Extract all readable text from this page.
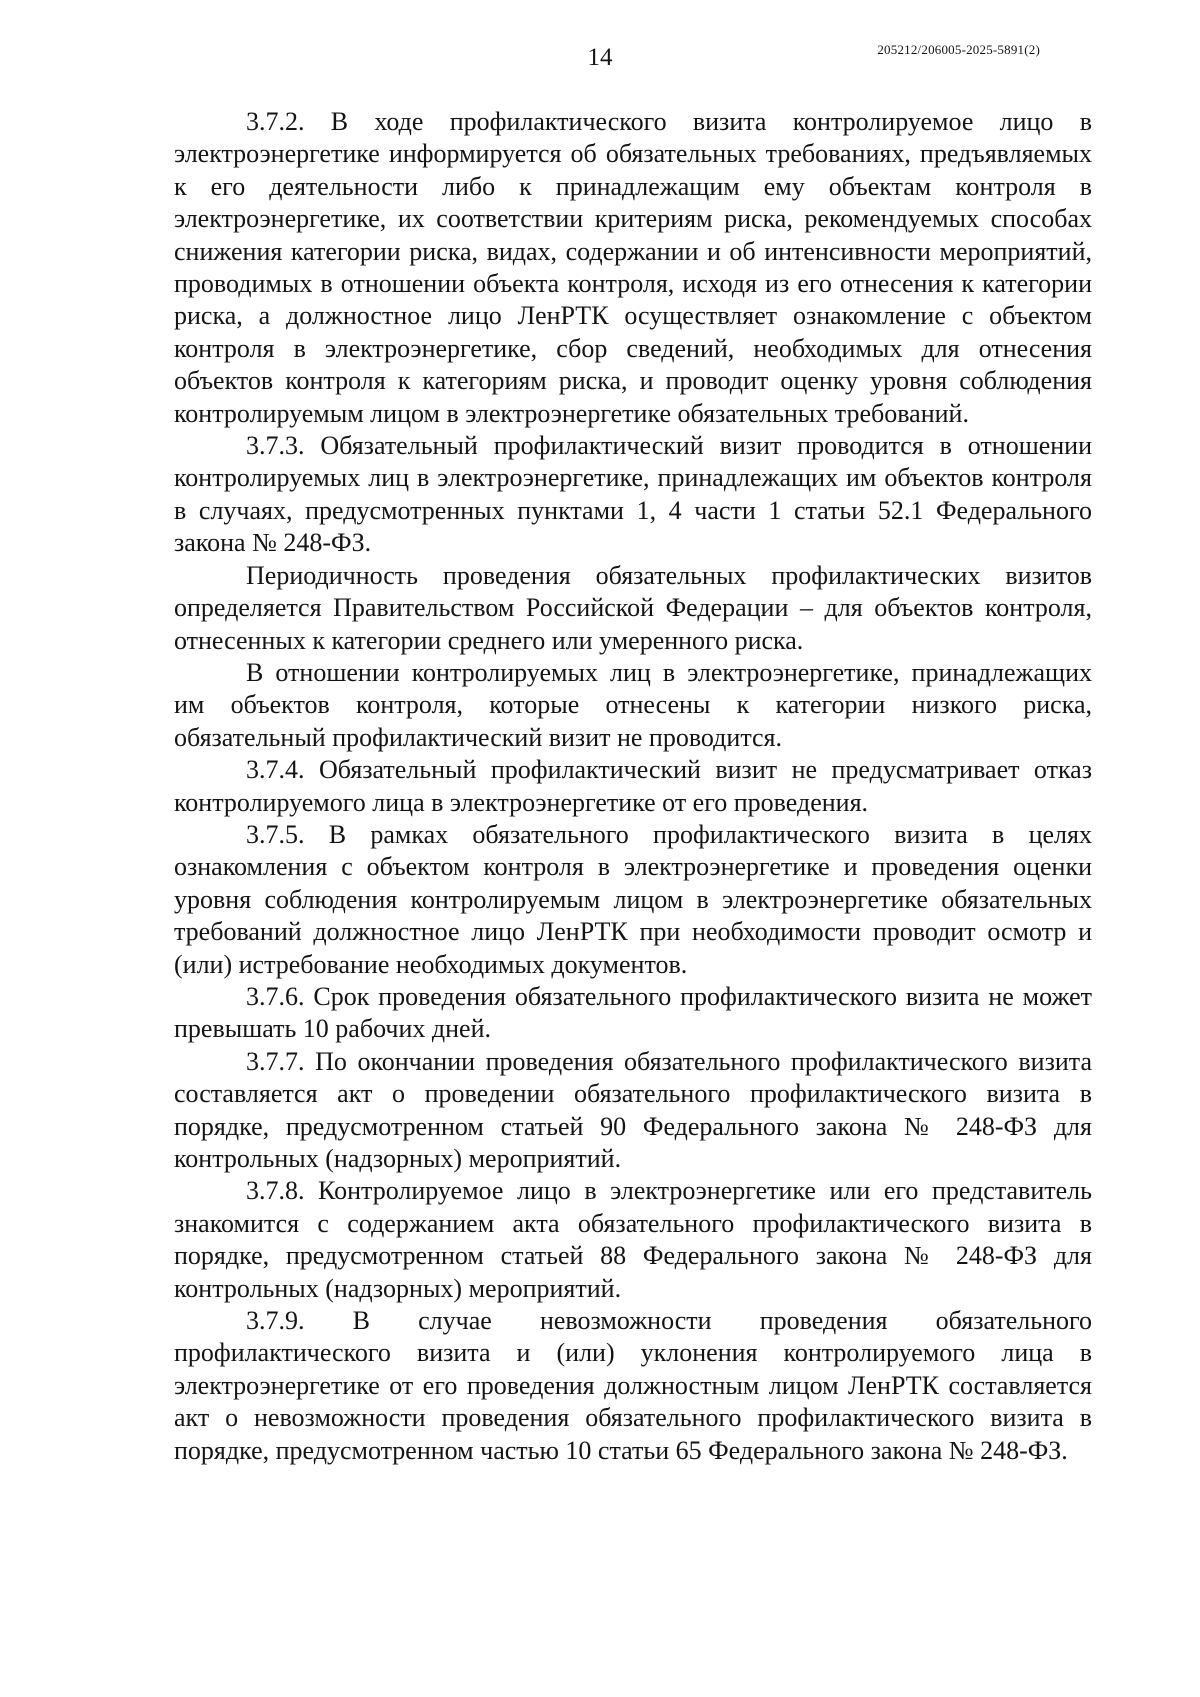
14	205212/206005-2025-5891(2)

3.7.2. В ходе профилактического визита контролируемое лицо в электроэнергетике информируется об обязательных требованиях, предъявляемых к его деятельности либо к принадлежащим ему объектам контроля в электроэнергетике, их соответствии критериям риска, рекомендуемых способах снижения категории риска, видах, содержании и об интенсивности мероприятий, проводимых в отношении объекта контроля, исходя из его отнесения к категории риска, а должностное лицо ЛенРТК осуществляет ознакомление с объектом контроля в электроэнергетике, сбор сведений, необходимых для отнесения объектов контроля к категориям риска, и проводит оценку уровня соблюдения контролируемым лицом в электроэнергетике обязательных требований.

3.7.3. Обязательный профилактический визит проводится в отношении контролируемых лиц в электроэнергетике, принадлежащих им объектов контроля в случаях, предусмотренных пунктами 1, 4 части 1 статьи 52.1 Федерального закона № 248-ФЗ.

Периодичность проведения обязательных профилактических визитов определяется Правительством Российской Федерации – для объектов контроля, отнесенных к категории среднего или умеренного риска.

В отношении контролируемых лиц в электроэнергетике, принадлежащих им объектов контроля, которые отнесены к категории низкого риска, обязательный профилактический визит не проводится.

3.7.4. Обязательный профилактический визит не предусматривает отказ контролируемого лица в электроэнергетике от его проведения.

3.7.5. В рамках обязательного профилактического визита в целях ознакомления с объектом контроля в электроэнергетике и проведения оценки уровня соблюдения контролируемым лицом в электроэнергетике обязательных требований должностное лицо ЛенРТК при необходимости проводит осмотр и (или) истребование необходимых документов.

3.7.6. Срок проведения обязательного профилактического визита не может превышать 10 рабочих дней.

3.7.7. По окончании проведения обязательного профилактического визита составляется акт о проведении обязательного профилактического визита в порядке, предусмотренном статьей 90 Федерального закона № 248-ФЗ для контрольных (надзорных) мероприятий.

3.7.8. Контролируемое лицо в электроэнергетике или его представитель знакомится с содержанием акта обязательного профилактического визита в порядке, предусмотренном статьей 88 Федерального закона № 248-ФЗ для контрольных (надзорных) мероприятий.

3.7.9. В случае невозможности проведения обязательного профилактического визита и (или) уклонения контролируемого лица в электроэнергетике от его проведения должностным лицом ЛенРТК составляется акт о невозможности проведения обязательного профилактического визита в порядке, предусмотренном частью 10 статьи 65 Федерального закона № 248-ФЗ.
